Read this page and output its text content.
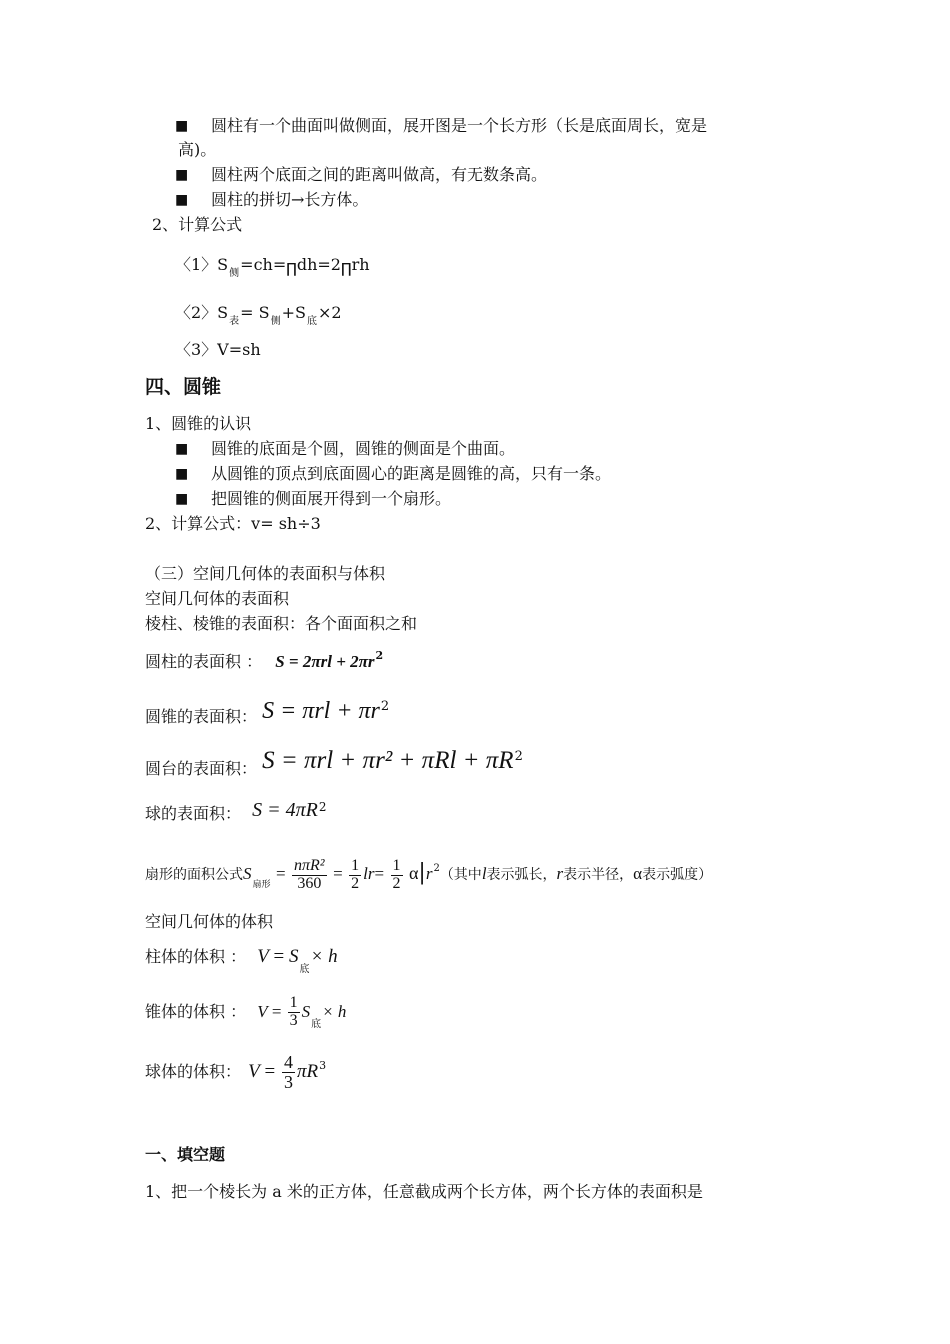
■ 圆柱有一个曲面叫做侧面，展开图是一个长方形（长是底面周长，宽是
高)。
■ 圆柱两个底面之间的距离叫做高，有无数条高。
■ 圆柱的拼切→长方体。
2、计算公式
〈1〉$S_侧=ch=\prod dh=2\prod rh$
〈2〉$S_表= S_侧+S_底\times 2$
〈3〉V=sh
四、圆锥
1、圆锥的认识
■ 圆锥的底面是个圆，圆锥的侧面是个曲面。
■ 从圆锥的顶点到底面圆心的距离是圆锥的高，只有一条。
■ 把圆锥的侧面展开得到一个扇形。
2、计算公式：v= sh÷3
（三）空间几何体的表面积与体积
空间几何体的表面积
棱柱、棱锥的表面积：各个面面积之和
圆柱的表面积 ： $S = 2\pi rl + 2\pi r^2$
圆锥的表面积： $S = \pi rl + \pi r^2$
圆台的表面积： $S = \pi rl + \pi r^2 + \pi Rl + \pi R^2$
球的表面积： $S = 4\pi R^2$
扇形的面积公式$S_{扇形} = \frac{\text{nπR²}}{360} = \frac{1}{2} lr= \frac{1}{2} \alpha|r^2$（其中l表示弧长，r表示半径，α表示弧度）
空间几何体的体积
柱体的体积 ： $V = S_底\times h$
锥体的体积 ： $V = \frac{1}{3} S_底\times h$
球体的体积： $V = \frac{4}{3} \pi R^3$
一、填空题
1、把一个棱长为 a 米的正方体，任意截成两个长方体，两个长方体的表面积是
